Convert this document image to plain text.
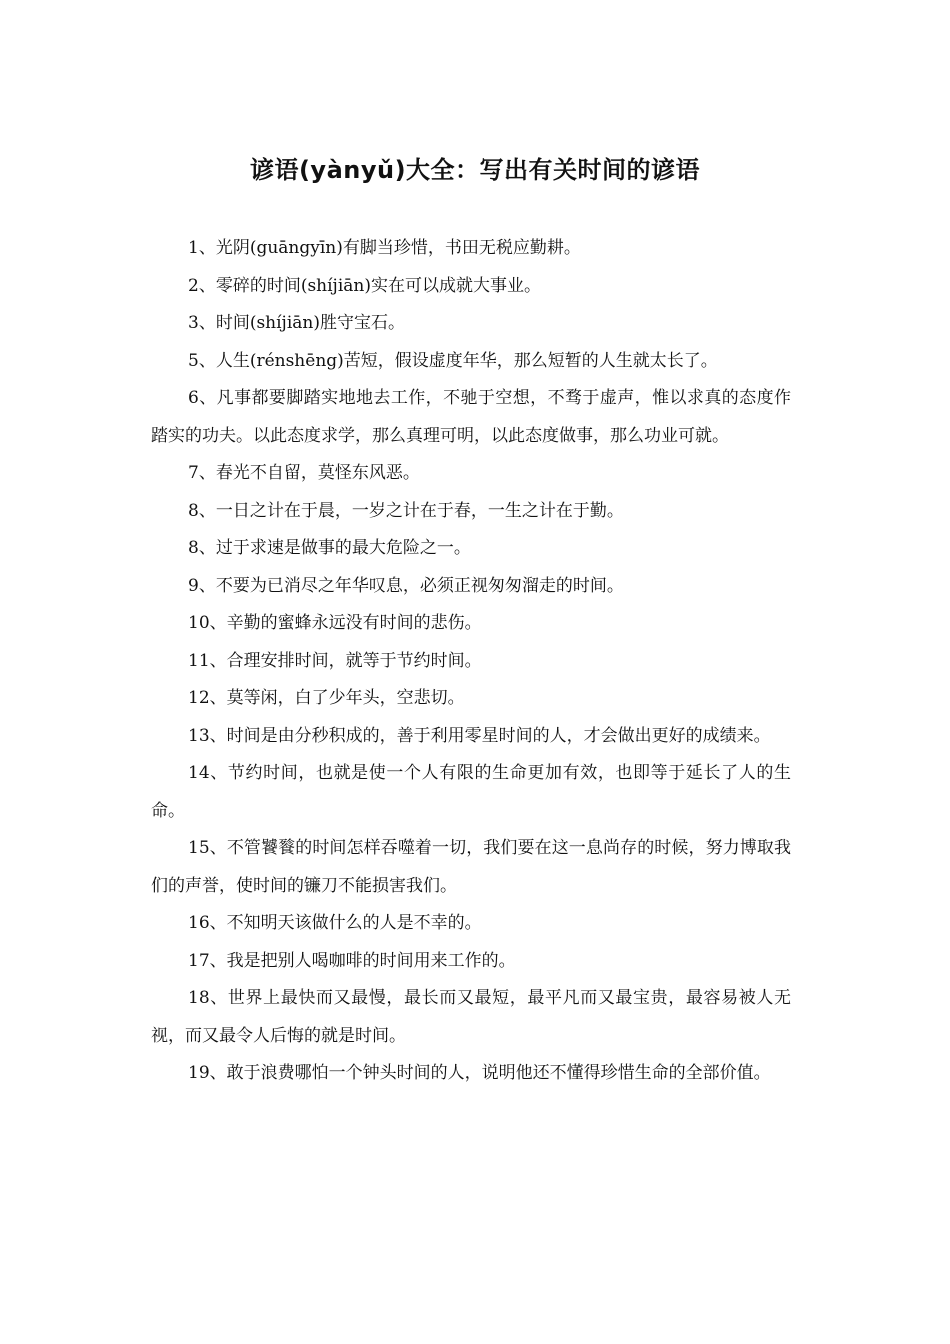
谚语(yànyǔ)大全：写出有关时间的谚语

1、光阴(guāngyīn)有脚当珍惜，书田无税应勤耕。

2、零碎的时间(shíjiān)实在可以成就大事业。

3、时间(shíjiān)胜守宝石。

5、人生(rénshēng)苦短，假设虚度年华，那么短暂的人生就太长了。

6、凡事都要脚踏实地地去工作，不驰于空想，不骛于虚声，惟以求真的态度作踏实的功夫。以此态度求学，那么真理可明，以此态度做事，那么功业可就。

7、春光不自留，莫怪东风恶。

8、一日之计在于晨，一岁之计在于春，一生之计在于勤。

8、过于求速是做事的最大危险之一。

9、不要为已消尽之年华叹息，必须正视匆匆溜走的时间。

10、辛勤的蜜蜂永远没有时间的悲伤。

11、合理安排时间，就等于节约时间。

12、莫等闲，白了少年头，空悲切。

13、时间是由分秒积成的，善于利用零星时间的人，才会做出更好的成绩来。

14、节约时间，也就是使一个人有限的生命更加有效，也即等于延长了人的生命。

15、不管饕餮的时间怎样吞噬着一切，我们要在这一息尚存的时候，努力博取我们的声誉，使时间的镰刀不能损害我们。

16、不知明天该做什么的人是不幸的。

17、我是把别人喝咖啡的时间用来工作的。

18、世界上最快而又最慢，最长而又最短，最平凡而又最宝贵，最容易被人无视，而又最令人后悔的就是时间。

19、敢于浪费哪怕一个钟头时间的人，说明他还不懂得珍惜生命的全部价值。
